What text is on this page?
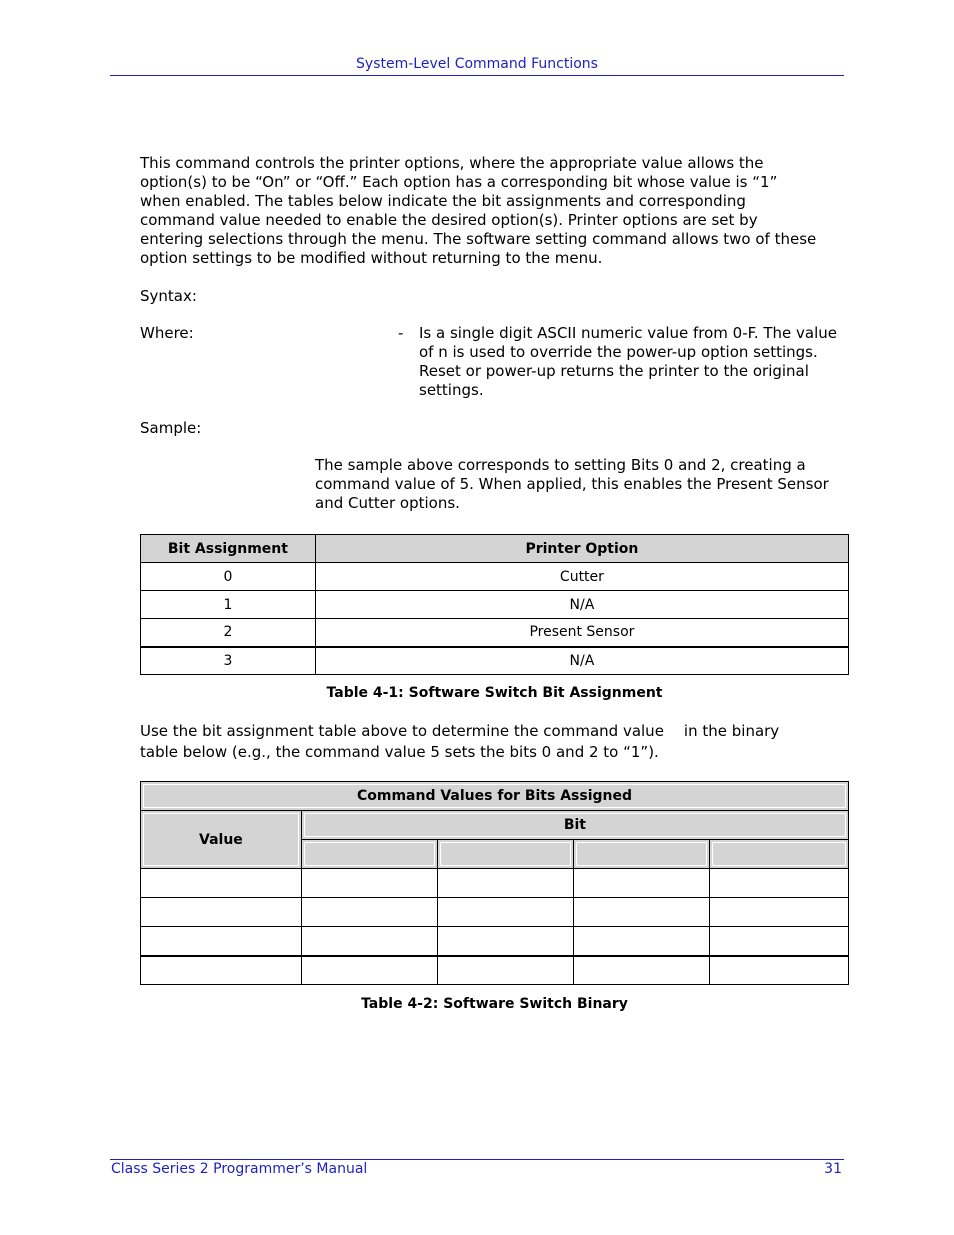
System-Level Command Functions
This command controls the printer options, where the appropriate value allows the option(s) to be “On” or “Off.” Each option has a corresponding bit whose value is “1” when enabled. The tables below indicate the bit assignments and corresponding command value needed to enable the desired option(s). Printer options are set by entering selections through the menu. The software setting command allows two of these option settings to be modified without returning to the menu.
Syntax:
Where:	- Is a single digit ASCII numeric value from 0-F. The value of n is used to override the power-up option settings. Reset or power-up returns the printer to the original settings.
Sample:
The sample above corresponds to setting Bits 0 and 2, creating a command value of 5. When applied, this enables the Present Sensor and Cutter options.
Bit Assignment	Printer Option
0	Cutter
1	N/A
2	Present Sensor
3	N/A
Table 4-1: Software Switch Bit Assignment
Use the bit assignment table above to determine the command value in the binary
table below (e.g., the command value 5 sets the bits 0 and 2 to “1”).
Command Values for Bits Assigned				
Value	Bit			

Table 4-2: Software Switch Binary
Class Series 2 Programmer’s Manual	31
